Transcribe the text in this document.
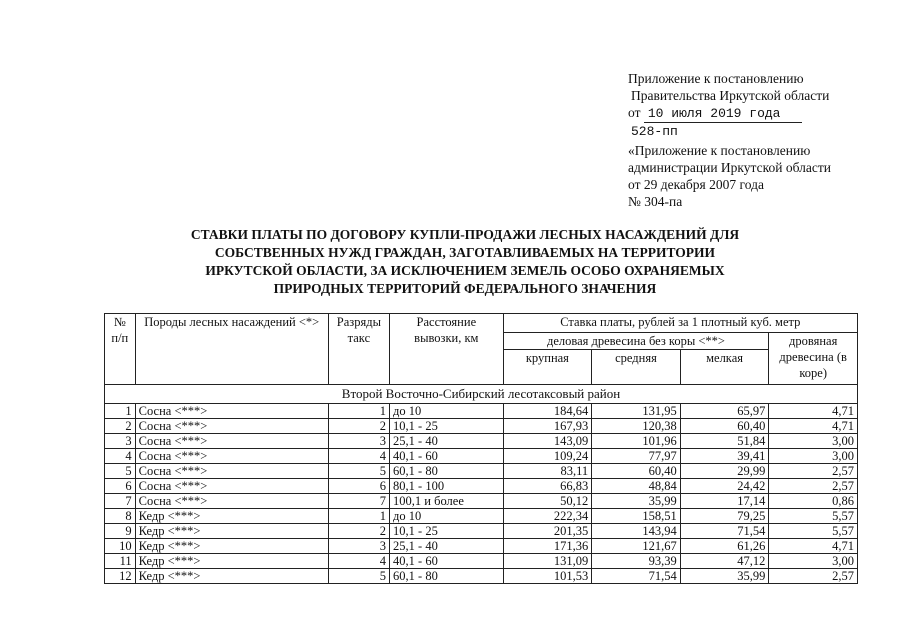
Приложение к постановлению
Правительства Иркутской области
от 10 июля 2019 года
528-пп
«Приложение к постановлению
администрации Иркутской области
от 29 декабря 2007 года
№ 304-па
СТАВКИ ПЛАТЫ ПО ДОГОВОРУ КУПЛИ-ПРОДАЖИ ЛЕСНЫХ НАСАЖДЕНИЙ ДЛЯ
СОБСТВЕННЫХ НУЖД ГРАЖДАН, ЗАГОТАВЛИВАЕМЫХ НА ТЕРРИТОРИИ
ИРКУТСКОЙ ОБЛАСТИ, ЗА ИСКЛЮЧЕНИЕМ ЗЕМЕЛЬ ОСОБО ОХРАНЯЕМЫХ
ПРИРОДНЫХ ТЕРРИТОРИЙ ФЕДЕРАЛЬНОГО ЗНАЧЕНИЯ
№ п/п	Породы лесных насаждений <*>	Разряды такс	Расстояние вывозки, км	Ставка платы, рублей за 1 плотный куб. метр			
				деловая древесина без коры <**>			дровяная древесина (в коре)
				крупная	средняя	мелкая	
Второй Восточно-Сибирский лесотаксовый район							
1	Сосна <***>	1	до 10	184,64	131,95	65,97	4,71
2	Сосна <***>	2	10,1 - 25	167,93	120,38	60,40	4,71
3	Сосна <***>	3	25,1 - 40	143,09	101,96	51,84	3,00
4	Сосна <***>	4	40,1 - 60	109,24	77,97	39,41	3,00
5	Сосна <***>	5	60,1 - 80	83,11	60,40	29,99	2,57
6	Сосна <***>	6	80,1 - 100	66,83	48,84	24,42	2,57
7	Сосна <***>	7	100,1 и более	50,12	35,99	17,14	0,86
8	Кедр <***>	1	до 10	222,34	158,51	79,25	5,57
9	Кедр <***>	2	10,1 - 25	201,35	143,94	71,54	5,57
10	Кедр <***>	3	25,1 - 40	171,36	121,67	61,26	4,71
11	Кедр <***>	4	40,1 - 60	131,09	93,39	47,12	3,00
12	Кедр <***>	5	60,1 - 80	101,53	71,54	35,99	2,57
